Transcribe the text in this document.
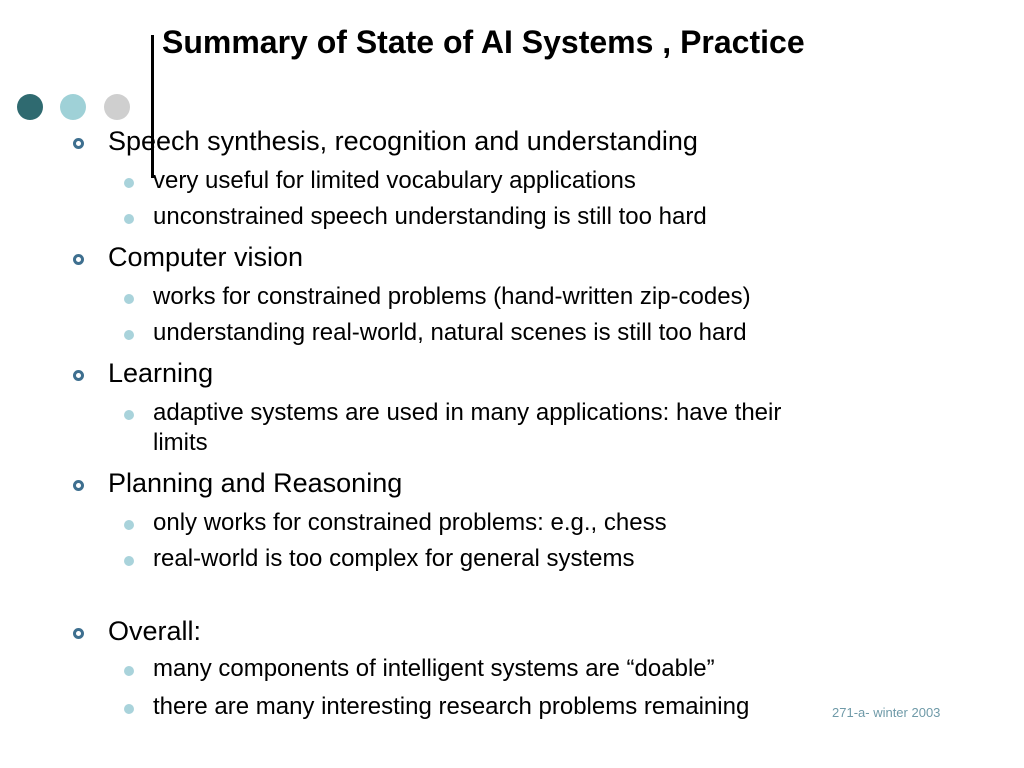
Summary of State of AI Systems , Practice
Speech synthesis, recognition and understanding
very useful for limited vocabulary applications
unconstrained speech understanding is still too hard
Computer vision
works for constrained problems (hand-written zip-codes)
understanding real-world, natural scenes is still too hard
Learning
adaptive systems are used in many applications: have their
limits
Planning and Reasoning
only works for constrained problems: e.g., chess
real-world is too complex for general systems
Overall:
many components of intelligent systems are “doable”
there are many interesting research problems remaining	271-a- winter 2003
